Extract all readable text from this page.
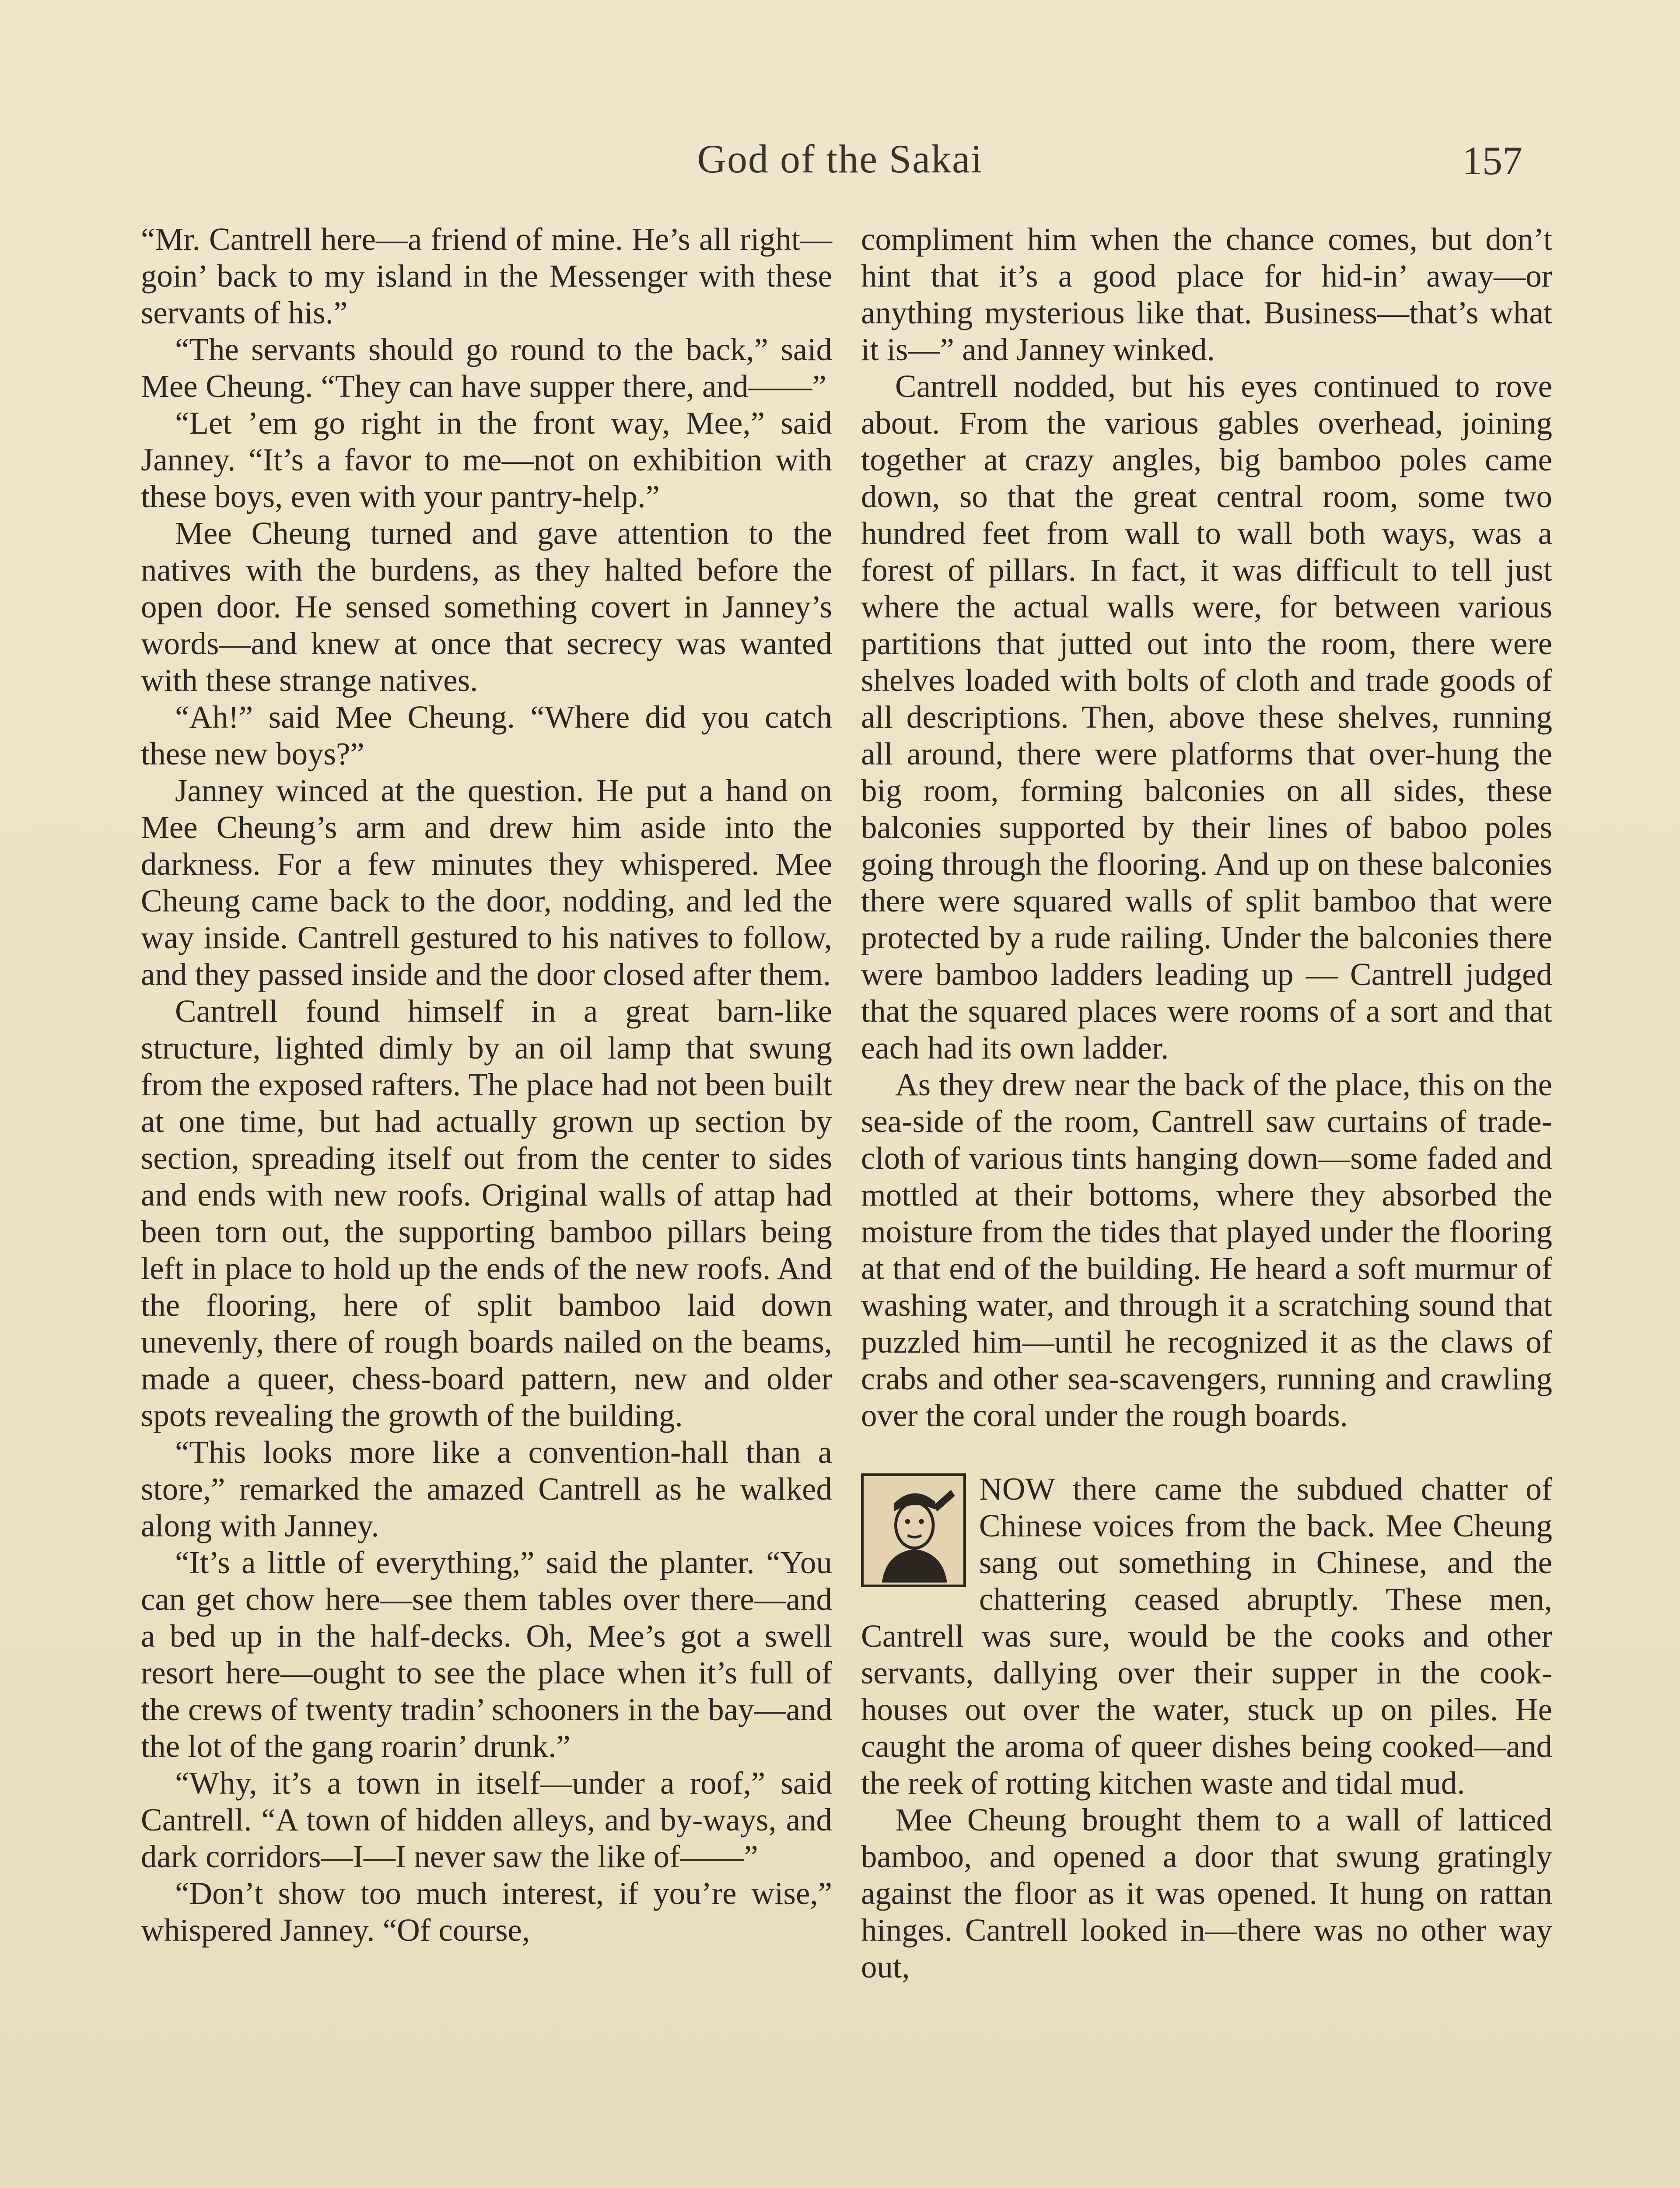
God of the Sakai	157

“Mr. Cantrell here—a friend of mine. He’s all right—goin’ back to my island in the Messenger with these servants of his.”

“The servants should go round to the back,” said Mee Cheung. “They can have supper there, and——”

“Let ’em go right in the front way, Mee,” said Janney. “It’s a favor to me—not on exhibition with these boys, even with your pantry-help.”

Mee Cheung turned and gave attention to the natives with the burdens, as they halted before the open door. He sensed something covert in Janney’s words—and knew at once that secrecy was wanted with these strange natives.

“Ah!” said Mee Cheung. “Where did you catch these new boys?”

Janney winced at the question. He put a hand on Mee Cheung’s arm and drew him aside into the darkness. For a few minutes they whispered. Mee Cheung came back to the door, nodding, and led the way inside. Cantrell gestured to his natives to follow, and they passed inside and the door closed after them.

Cantrell found himself in a great barn-like structure, lighted dimly by an oil lamp that swung from the exposed rafters. The place had not been built at one time, but had actually grown up section by section, spreading itself out from the center to sides and ends with new roofs. Original walls of attap had been torn out, the supporting bamboo pillars being left in place to hold up the ends of the new roofs. And the flooring, here of split bamboo laid down unevenly, there of rough boards nailed on the beams, made a queer, chess-board pattern, new and older spots revealing the growth of the building.

“This looks more like a convention-hall than a store,” remarked the amazed Cantrell as he walked along with Janney.

“It’s a little of everything,” said the planter. “You can get chow here—see them tables over there—and a bed up in the half-decks. Oh, Mee’s got a swell resort here—ought to see the place when it’s full of the crews of twenty tradin’ schooners in the bay—and the lot of the gang roarin’ drunk.”

“Why, it’s a town in itself—under a roof,” said Cantrell. “A town of hidden alleys, and by-ways, and dark corridors—I—I never saw the like of——”

“Don’t show too much interest, if you’re wise,” whispered Janney. “Of course,

compliment him when the chance comes, but don’t hint that it’s a good place for hid-in’ away—or anything mysterious like that. Business—that’s what it is—” and Janney winked.

Cantrell nodded, but his eyes continued to rove about. From the various gables overhead, joining together at crazy angles, big bamboo poles came down, so that the great central room, some two hundred feet from wall to wall both ways, was a forest of pillars. In fact, it was difficult to tell just where the actual walls were, for between various partitions that jutted out into the room, there were shelves loaded with bolts of cloth and trade goods of all descriptions. Then, above these shelves, running all around, there were platforms that over-hung the big room, forming balconies on all sides, these balconies supported by their lines of baboo poles going through the flooring. And up on these balconies there were squared walls of split bamboo that were protected by a rude railing. Under the balconies there were bamboo ladders leading up — Cantrell judged that the squared places were rooms of a sort and that each had its own ladder.

As they drew near the back of the place, this on the sea-side of the room, Cantrell saw curtains of trade-cloth of various tints hanging down—some faded and mottled at their bottoms, where they absorbed the moisture from the tides that played under the flooring at that end of the building. He heard a soft murmur of washing water, and through it a scratching sound that puzzled him—until he recognized it as the claws of crabs and other sea-scavengers, running and crawling over the coral under the rough boards.

NOW there came the subdued chatter of Chinese voices from the back. Mee Cheung sang out something in Chinese, and the chattering ceased abruptly. These men, Cantrell was sure, would be the cooks and other servants, dallying over their supper in the cook-houses out over the water, stuck up on piles. He caught the aroma of queer dishes being cooked—and the reek of rotting kitchen waste and tidal mud.

Mee Cheung brought them to a wall of latticed bamboo, and opened a door that swung gratingly against the floor as it was opened. It hung on rattan hinges. Cantrell looked in—there was no other way out,
